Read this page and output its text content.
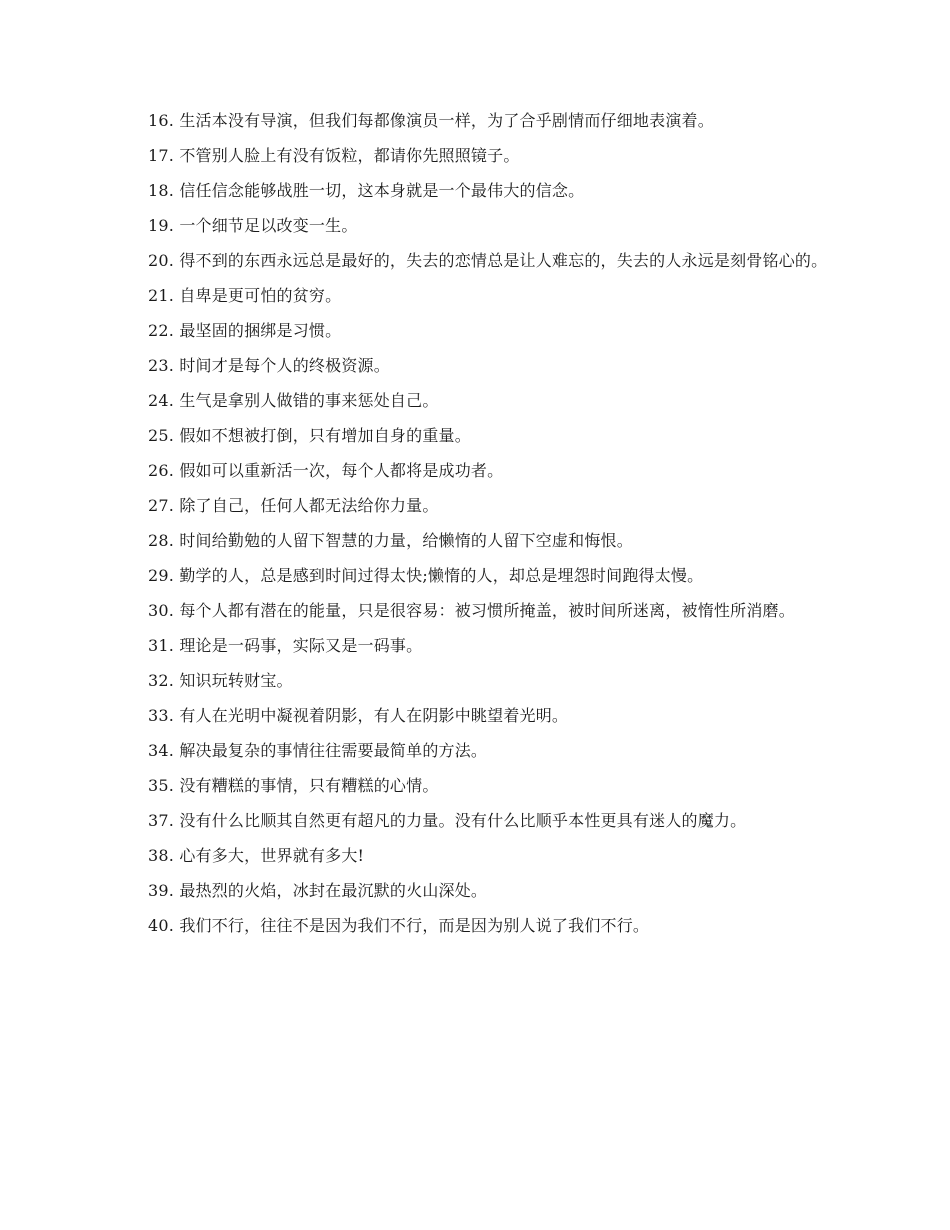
16. 生活本没有导演，但我们每都像演员一样，为了合乎剧情而仔细地表演着。

17. 不管别人脸上有没有饭粒，都请你先照照镜子。

18. 信任信念能够战胜一切，这本身就是一个最伟大的信念。

19. 一个细节足以改变一生。

20. 得不到的东西永远总是最好的，失去的恋情总是让人难忘的，失去的人永远是刻骨铭心的。

21. 自卑是更可怕的贫穷。

22. 最坚固的捆绑是习惯。

23. 时间才是每个人的终极资源。

24. 生气是拿别人做错的事来惩处自己。

25. 假如不想被打倒，只有增加自身的重量。

26. 假如可以重新活一次，每个人都将是成功者。

27. 除了自己，任何人都无法给你力量。

28. 时间给勤勉的人留下智慧的力量，给懒惰的人留下空虚和悔恨。

29. 勤学的人，总是感到时间过得太快;懒惰的人，却总是埋怨时间跑得太慢。

30. 每个人都有潜在的能量，只是很容易：被习惯所掩盖，被时间所迷离，被惰性所消磨。

31. 理论是一码事，实际又是一码事。

32. 知识玩转财宝。

33. 有人在光明中凝视着阴影，有人在阴影中眺望着光明。

34. 解决最复杂的事情往往需要最简单的方法。

35. 没有糟糕的事情，只有糟糕的心情。

37. 没有什么比顺其自然更有超凡的力量。没有什么比顺乎本性更具有迷人的魔力。

38. 心有多大，世界就有多大!

39. 最热烈的火焰，冰封在最沉默的火山深处。

40. 我们不行，往往不是因为我们不行，而是因为别人说了我们不行。
